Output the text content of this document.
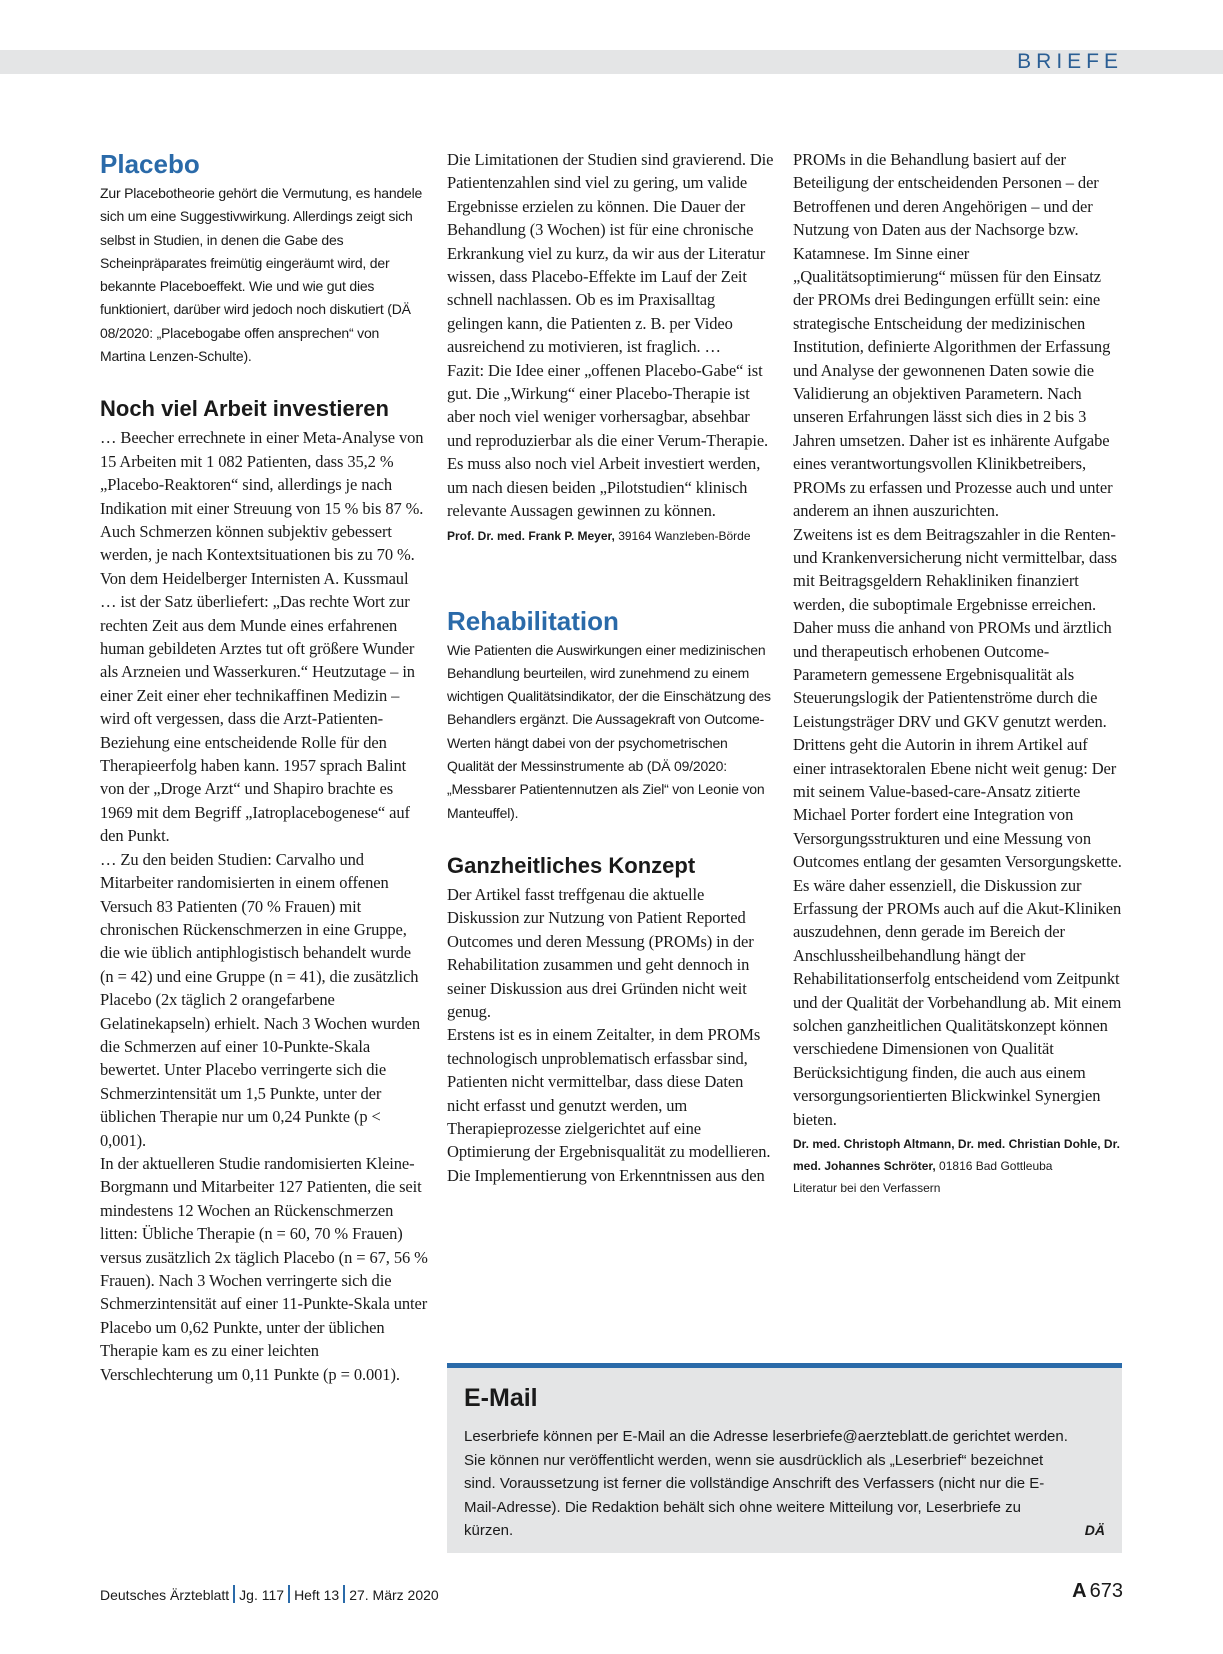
BRIEFE
Placebo

Zur Placebotheorie gehört die Vermutung, es handele sich um eine Suggestivwirkung. Allerdings zeigt sich selbst in Studien, in denen die Gabe des Scheinpräparates freimütig eingeräumt wird, der bekannte Placeboeffekt. Wie und wie gut dies funktioniert, darüber wird jedoch noch diskutiert (DÄ 08/2020: „Placebogabe offen ansprechen“ von Martina Lenzen-Schulte).

Noch viel Arbeit investieren

… Beecher errechnete in einer Meta-Analyse von 15 Arbeiten mit 1 082 Patienten, dass 35,2 % „Placebo-Reaktoren“ sind, allerdings je nach Indikation mit einer Streuung von 15 % bis 87 %. Auch Schmerzen können subjektiv gebessert werden, je nach Kontextsituationen bis zu 70 %.

Von dem Heidelberger Internisten A. Kussmaul … ist der Satz überliefert: „Das rechte Wort zur rechten Zeit aus dem Munde eines erfahrenen human gebildeten Arztes tut oft größere Wunder als Arzneien und Wasserkuren.“ Heutzutage – in einer Zeit einer eher technikaffinen Medizin – wird oft vergessen, dass die Arzt-Patienten-Beziehung eine entscheidende Rolle für den Therapieerfolg haben kann. 1957 sprach Balint von der „Droge Arzt“ und Shapiro brachte es 1969 mit dem Begriff „Iatroplacebogenese“ auf den Punkt.

… Zu den beiden Studien: Carvalho und Mitarbeiter randomisierten in einem offenen Versuch 83 Patienten (70 % Frauen) mit chronischen Rückenschmerzen in eine Gruppe, die wie üblich antiphlogistisch behandelt wurde (n = 42) und eine Gruppe (n = 41), die zusätzlich Placebo (2x täglich 2 orangefarbene Gelatinekapseln) erhielt. Nach 3 Wochen wurden die Schmerzen auf einer 10-Punkte-Skala bewertet. Unter Placebo verringerte sich die Schmerzintensität um 1,5 Punkte, unter der üblichen Therapie nur um 0,24 Punkte (p < 0,001).

In der aktuelleren Studie randomisierten Kleine-Borgmann und Mitarbeiter 127 Patienten, die seit mindestens 12 Wochen an Rückenschmerzen litten: Übliche Therapie (n = 60, 70 % Frauen) versus zusätzlich 2x täglich Placebo (n = 67, 56 % Frauen). Nach 3 Wochen verringerte sich die Schmerzintensität auf einer 11-Punkte-Skala unter Placebo um 0,62 Punkte, unter der üblichen Therapie kam es zu einer leichten Verschlechterung um 0,11 Punkte (p = 0.001).

Die Limitationen der Studien sind gravierend. Die Patientenzahlen sind viel zu gering, um valide Ergebnisse erzielen zu können. Die Dauer der Behandlung (3 Wochen) ist für eine chronische Erkrankung viel zu kurz, da wir aus der Literatur wissen, dass Placebo-Effekte im Lauf der Zeit schnell nachlassen. Ob es im Praxisalltag gelingen kann, die Patienten z. B. per Video ausreichend zu motivieren, ist fraglich. …

Fazit: Die Idee einer „offenen Placebo-Gabe“ ist gut. Die „Wirkung“ einer Placebo-Therapie ist aber noch viel weniger vorhersagbar, absehbar und reproduzierbar als die einer Verum-Therapie. Es muss also noch viel Arbeit investiert werden, um nach diesen beiden „Pilotstudien“ klinisch relevante Aussagen gewinnen zu können.

Prof. Dr. med. Frank P. Meyer, 39164 Wanzleben-Börde

Rehabilitation

Wie Patienten die Auswirkungen einer medizinischen Behandlung beurteilen, wird zunehmend zu einem wichtigen Qualitätsindikator, der die Einschätzung des Behandlers ergänzt. Die Aussagekraft von Outcome-Werten hängt dabei von der psychometrischen Qualität der Messinstrumente ab (DÄ 09/2020: „Messbarer Patientennutzen als Ziel“ von Leonie von Manteuffel).

Ganzheitliches Konzept

Der Artikel fasst treffgenau die aktuelle Diskussion zur Nutzung von Patient Reported Outcomes und deren Messung (PROMs) in der Rehabilitation zusammen und geht dennoch in seiner Diskussion aus drei Gründen nicht weit genug.

Erstens ist es in einem Zeitalter, in dem PROMs technologisch unproblematisch erfassbar sind, Patienten nicht vermittelbar, dass diese Daten nicht erfasst und genutzt werden, um Therapieprozesse zielgerichtet auf eine Optimierung der Ergebnisqualität zu modellieren. Die Implementierung von Erkenntnissen aus den

PROMs in die Behandlung basiert auf der Beteiligung der entscheidenden Personen – der Betroffenen und deren Angehörigen – und der Nutzung von Daten aus der Nachsorge bzw. Katamnese. Im Sinne einer „Qualitätsoptimierung“ müssen für den Einsatz der PROMs drei Bedingungen erfüllt sein: eine strategische Entscheidung der medizinischen Institution, definierte Algorithmen der Erfassung und Analyse der gewonnenen Daten sowie die Validierung an objektiven Parametern. Nach unseren Erfahrungen lässt sich dies in 2 bis 3 Jahren umsetzen. Daher ist es inhärente Aufgabe eines verantwortungsvollen Klinikbetreibers, PROMs zu erfassen und Prozesse auch und unter anderem an ihnen auszurichten.

Zweitens ist es dem Beitragszahler in die Renten- und Krankenversicherung nicht vermittelbar, dass mit Beitragsgeldern Rehakliniken finanziert werden, die suboptimale Ergebnisse erreichen. Daher muss die anhand von PROMs und ärztlich und therapeutisch erhobenen Outcome-Parametern gemessene Ergebnisqualität als Steuerungslogik der Patientenströme durch die Leistungsträger DRV und GKV genutzt werden.

Drittens geht die Autorin in ihrem Artikel auf einer intrasektoralen Ebene nicht weit genug: Der mit seinem Value-based-care-Ansatz zitierte Michael Porter fordert eine Integration von Versorgungsstrukturen und eine Messung von Outcomes entlang der gesamten Versorgungskette. Es wäre daher essenziell, die Diskussion zur Erfassung der PROMs auch auf die Akut-Kliniken auszudehnen, denn gerade im Bereich der Anschlussheilbehandlung hängt der Rehabilitationserfolg entscheidend vom Zeitpunkt und der Qualität der Vorbehandlung ab. Mit einem solchen ganzheitlichen Qualitätskonzept können verschiedene Dimensionen von Qualität Berücksichtigung finden, die auch aus einem versorgungsorientierten Blickwinkel Synergien bieten.

Dr. med. Christoph Altmann, Dr. med. Christian Dohle, Dr. med. Johannes Schröter, 01816 Bad Gottleuba

Literatur bei den Verfassern

E-Mail

Leserbriefe können per E-Mail an die Adresse leserbriefe@aerzteblatt.de gerichtet werden. Sie können nur veröffentlicht werden, wenn sie ausdrücklich als „Leserbrief“ bezeichnet sind. Voraussetzung ist ferner die vollständige Anschrift des Verfassers (nicht nur die E-Mail-Adresse). Die Redaktion behält sich ohne weitere Mitteilung vor, Leserbriefe zu kürzen.	DÄ

Deutsches Ärzteblatt Jg. 117 Heft 13 27. März 2020	A 673
